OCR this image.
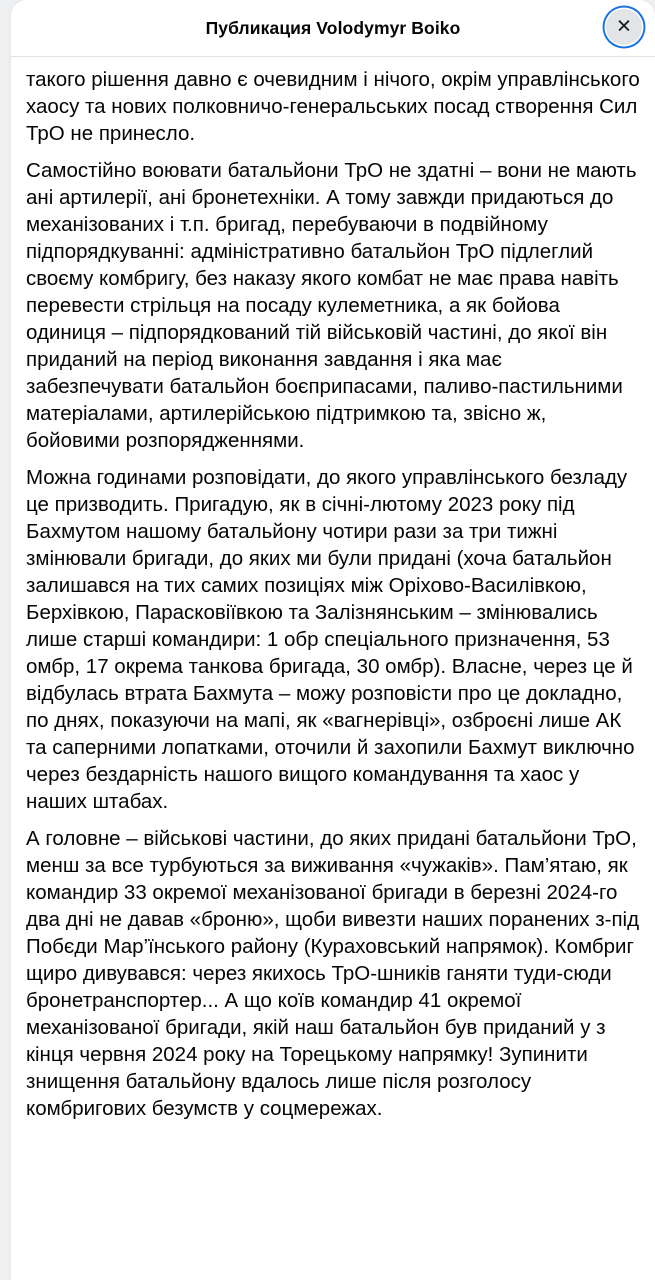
Публикация Volodymyr Boiko	✕

такого рішення давно є очевидним і нічого, окрім управлінського хаосу та нових полковничо-генеральських посад створення Сил ТрО не принесло.

Самостійно воювати батальйони ТрО не здатні – вони не мають ані артилерії, ані бронетехніки. А тому завжди придаються до механізованих і т.п. бригад, перебуваючи в подвійному підпорядкуванні: адміністративно батальйон ТрО підлеглий своєму комбригу, без наказу якого комбат не має права навіть перевести стрільця на посаду кулеметника, а як бойова одиниця – підпорядкований тій військовій частині, до якої він приданий на період виконання завдання і яка має забезпечувати батальйон боєприпасами, паливо-пастильними матеріалами, артилерійською підтримкою та, звісно ж, бойовими розпорядженнями.

Можна годинами розповідати, до якого управлінського безладу це призводить. Пригадую, як в січні-лютому 2023 року під Бахмутом нашому батальйону чотири рази за три тижні змінювали бригади, до яких ми були придані (хоча батальйон залишався на тих самих позиціях між Оріхово-Василівкою, Берхівкою, Парасковіївкою та Залізнянським – змінювались лише старші командири: 1 обр спеціального призначення, 53 омбр, 17 окрема танкова бригада, 30 омбр). Власне, через це й відбулась втрата Бахмута – можу розповісти про це докладно, по днях, показуючи на мапі, як «вагнерівці», озброєні лише АК та саперними лопатками, оточили й захопили Бахмут виключно через бездарність нашого вищого командування та хаос у наших штабах.

А головне – військові частини, до яких придані батальйони ТрО, менш за все турбуються за виживання «чужаків». Пам’ятаю, як командир 33 окремої механізованої бригади в березні 2024-го два дні не давав «броню», щоби вивезти наших поранених з-під Побєди Мар’їнського району (Кураховський напрямок). Комбриг щиро дивувався: через якихось ТрО-шників ганяти туди-сюди бронетранспортер... А що коїв командир 41 окремої механізованої бригади, якій наш батальйон був приданий у з кінця червня 2024 року на Торецькому напрямку! Зупинити знищення батальйону вдалось лише після розголосу комбригових безумств у соцмережах.
